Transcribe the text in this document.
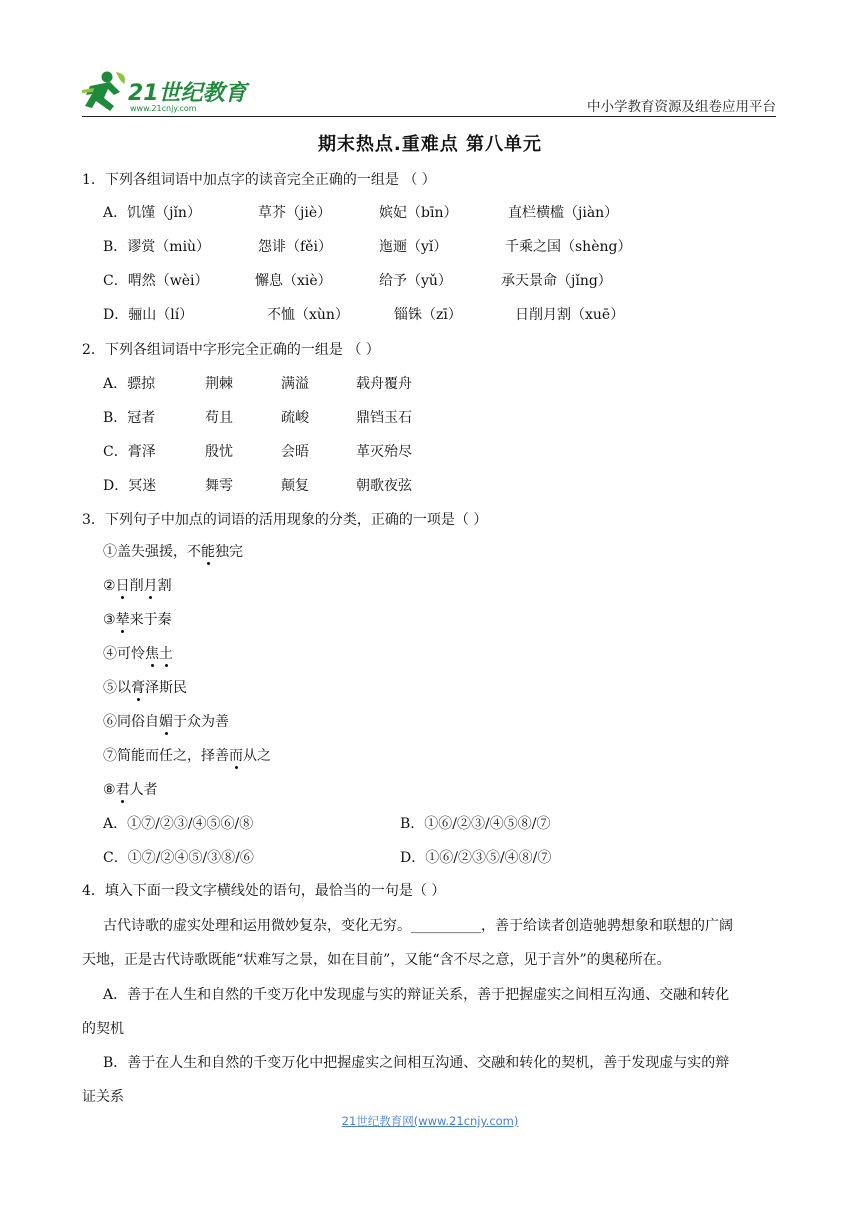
21世纪教育
www.21cnjy.com	中小学教育资源及组卷应用平台
期末热点.重难点 第八单元
1．下列各组词语中加点字的读音完全正确的一组是 （ ）
A．饥馑（jǐn）	草芥（jiè）	嫔妃（bīn）	直栏横槛（jiàn）
B．谬赏（miù）	怨诽（fěi）	迤逦（yǐ）	千乘之国（shèng）
C．喟然（wèi）	懈息（xiè）	给予（yǔ）	承天景命（jǐng）
D．骊山（lí）	不恤（xùn）	锱铢（zī）	日削月割（xuē）
2．下列各组词语中字形完全正确的一组是 （ ）
A．骠掠	荆棘	满溢	载舟覆舟
B．冠者	苟且	疏峻	鼎铛玉石
C．膏泽	殷忧	会晤	革灭殆尽
D．冥迷	舞雩	颠复	朝歌夜弦
3．下列句子中加点的词语的活用现象的分类，正确的一项是（ ）
①盖失强援，不能独完
②日削月割
③辇来于秦
④可怜焦土
⑤以膏泽斯民
⑥同俗自媚于众为善
⑦简能而任之，择善而从之
⑧君人者
A．①⑦/②③/④⑤⑥/⑧	B．①⑥/②③/④⑤⑧/⑦
C．①⑦/②④⑤/③⑧/⑥	D．①⑥/②③⑤/④⑧/⑦
4．填入下面一段文字横线处的语句，最恰当的一句是（ ）
古代诗歌的虚实处理和运用微妙复杂，变化无穷。__________，善于给读者创造驰骋想象和联想的广阔
天地，正是古代诗歌既能“状难写之景，如在目前”，又能“含不尽之意，见于言外”的奥秘所在。
A．善于在人生和自然的千变万化中发现虚与实的辩证关系，善于把握虚实之间相互沟通、交融和转化
的契机
B．善于在人生和自然的千变万化中把握虚实之间相互沟通、交融和转化的契机，善于发现虚与实的辩
证关系
21世纪教育网(www.21cnjy.com)
